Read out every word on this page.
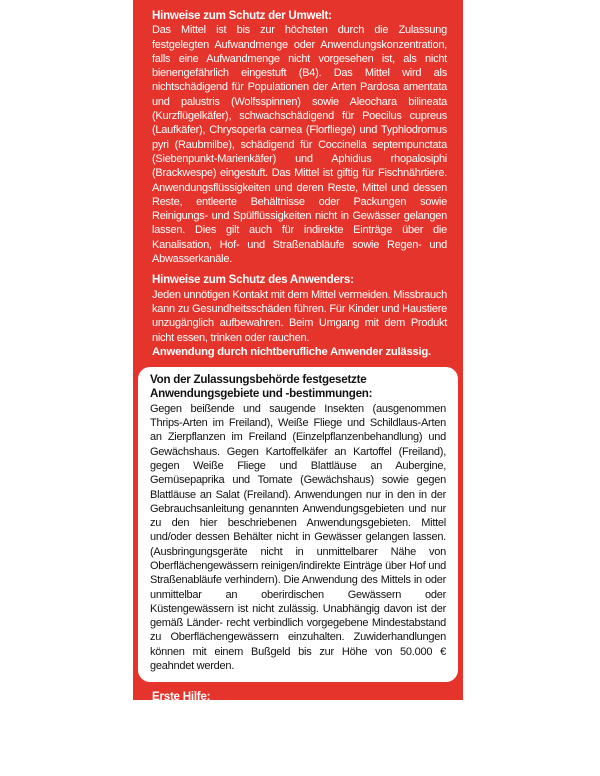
Hinweise zum Schutz der Umwelt:

Das Mittel ist bis zur höchsten durch die Zulassung festgelegten Aufwandmenge oder Anwendungskonzentration, falls eine Aufwandmenge nicht vorgesehen ist, als nicht bienengefährlich eingestuft (B4). Das Mittel wird als nichtschädigend für Populationen der Arten Pardosa amentata und palustris (Wolfsspinnen) sowie Aleochara bilineata (Kurzflügelkäfer), schwachschädigend für Poecilus cupreus (Laufkäfer), Chrysoperla carnea (Florfliege) und Typhlodromus pyri (Raubmilbe), schädigend für Coccinella septempunctata (Siebenpunkt-Marienkäfer) und Aphidius rhopalosiphi (Brackwespe) eingestuft. Das Mittel ist giftig für Fischnährtiere. Anwendungsflüssigkeiten und deren Reste, Mittel und dessen Reste, entleerte Behältnisse oder Packungen sowie Reinigungs- und Spülflüssigkeiten nicht in Gewässer gelangen lassen. Dies gilt auch für indirekte Einträge über die Kanalisation, Hof- und Straßenabläufe sowie Regen- und Abwasserkanäle.

Hinweise zum Schutz des Anwenders:

Jeden unnötigen Kontakt mit dem Mittel vermeiden. Missbrauch kann zu Gesundheitsschäden führen. Für Kinder und Haustiere unzugänglich aufbewahren. Beim Umgang mit dem Produkt nicht essen, trinken oder rauchen.

Anwendung durch nichtberufliche Anwender zulässig.

Von der Zulassungsbehörde festgesetzte Anwendungsgebiete und -bestimmungen:

Gegen beißende und saugende Insekten (ausgenommen Thrips-Arten im Freiland), Weiße Fliege und Schildlaus-Arten an Zierpflanzen im Freiland (Einzelpflanzenbehandlung) und Gewächshaus. Gegen Kartoffelkäfer an Kartoffel (Freiland), gegen Weiße Fliege und Blattläuse an Aubergine, Gemüsepaprika und Tomate (Gewächshaus) sowie gegen Blattläuse an Salat (Freiland). Anwendungen nur in den in der Gebrauchsanleitung genannten Anwendungsgebieten und nur zu den hier beschriebenen Anwendungsgebieten. Mittel und/oder dessen Behälter nicht in Gewässer gelangen lassen. (Ausbringungsgeräte nicht in unmittelbarer Nähe von Oberflächengewässern reinigen/indirekte Einträge über Hof und Straßenabläufe verhindern). Die Anwendung des Mittels in oder unmittelbar an oberirdischen Gewässern oder Küstengewässern ist nicht zulässig. Unabhängig davon ist der gemäß Länder- recht verbindlich vorgegebene Mindestabstand zu Oberflächengewässern einzuhalten. Zuwiderhandlungen können mit einem Bußgeld bis zur Höhe von 50.000 € geahndet werden.

Erste Hilfe:

Nach Hautkontakt mit reichlich Wasser waschen. Nach Augenkontakt sofort mit reichlich Wasser ausspülen, auch unter den Augenliedern. Nach Verschucken Mund mit Wasser ausspühlen, Arzt aufsuchen und Etikett und Verpackung vorzeigen.
